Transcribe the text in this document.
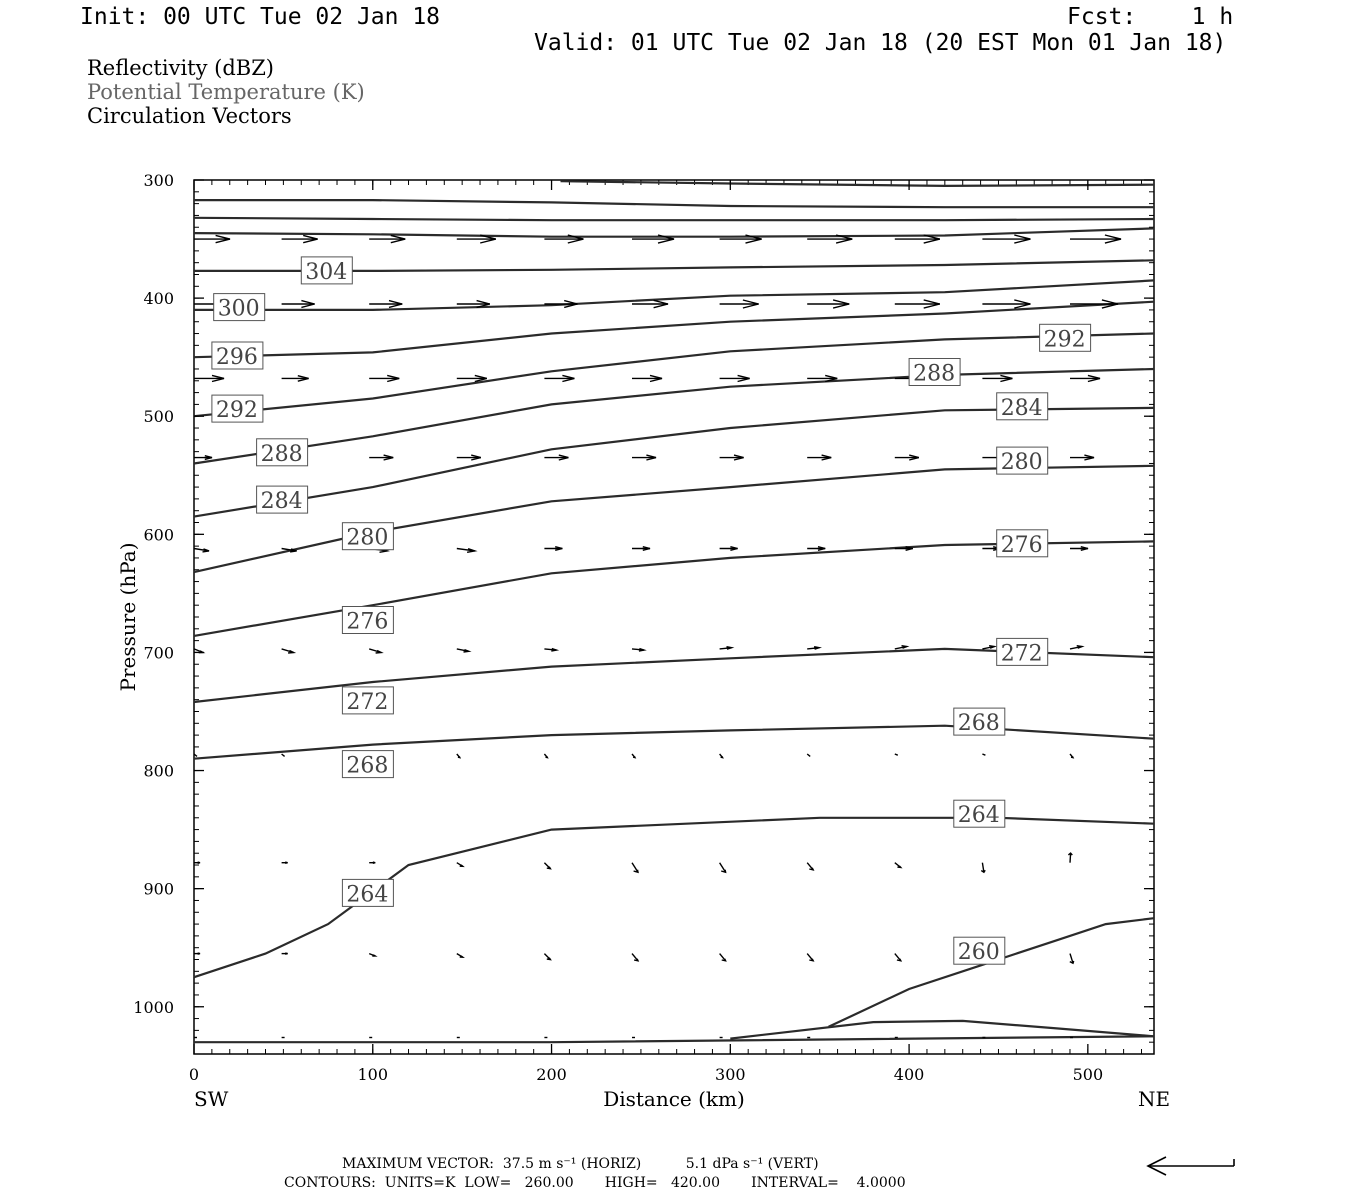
Init: 00 UTC Tue 02 Jan 18	Fcst:    1 h
Valid: 01 UTC Tue 02 Jan 18 (20 EST Mon 01 Jan 18)
Reflectivity (dBZ)
Potential Temperature (K)
Circulation Vectors
304
300
296
292
288
288
284
284
280
280
276
276
272
272
268
268
264
264
260
292
0	100	200	300	400	500
300
400
500
600
700
800
900
1000
Distance (km)
Pressure (hPa)
SW	NE
MAXIMUM VECTOR:  37.5 m s⁻¹ (HORIZ)          5.1 dPa s⁻¹ (VERT)
CONTOURS:  UNITS=K  LOW=   260.00       HIGH=   420.00       INTERVAL=    4.0000
